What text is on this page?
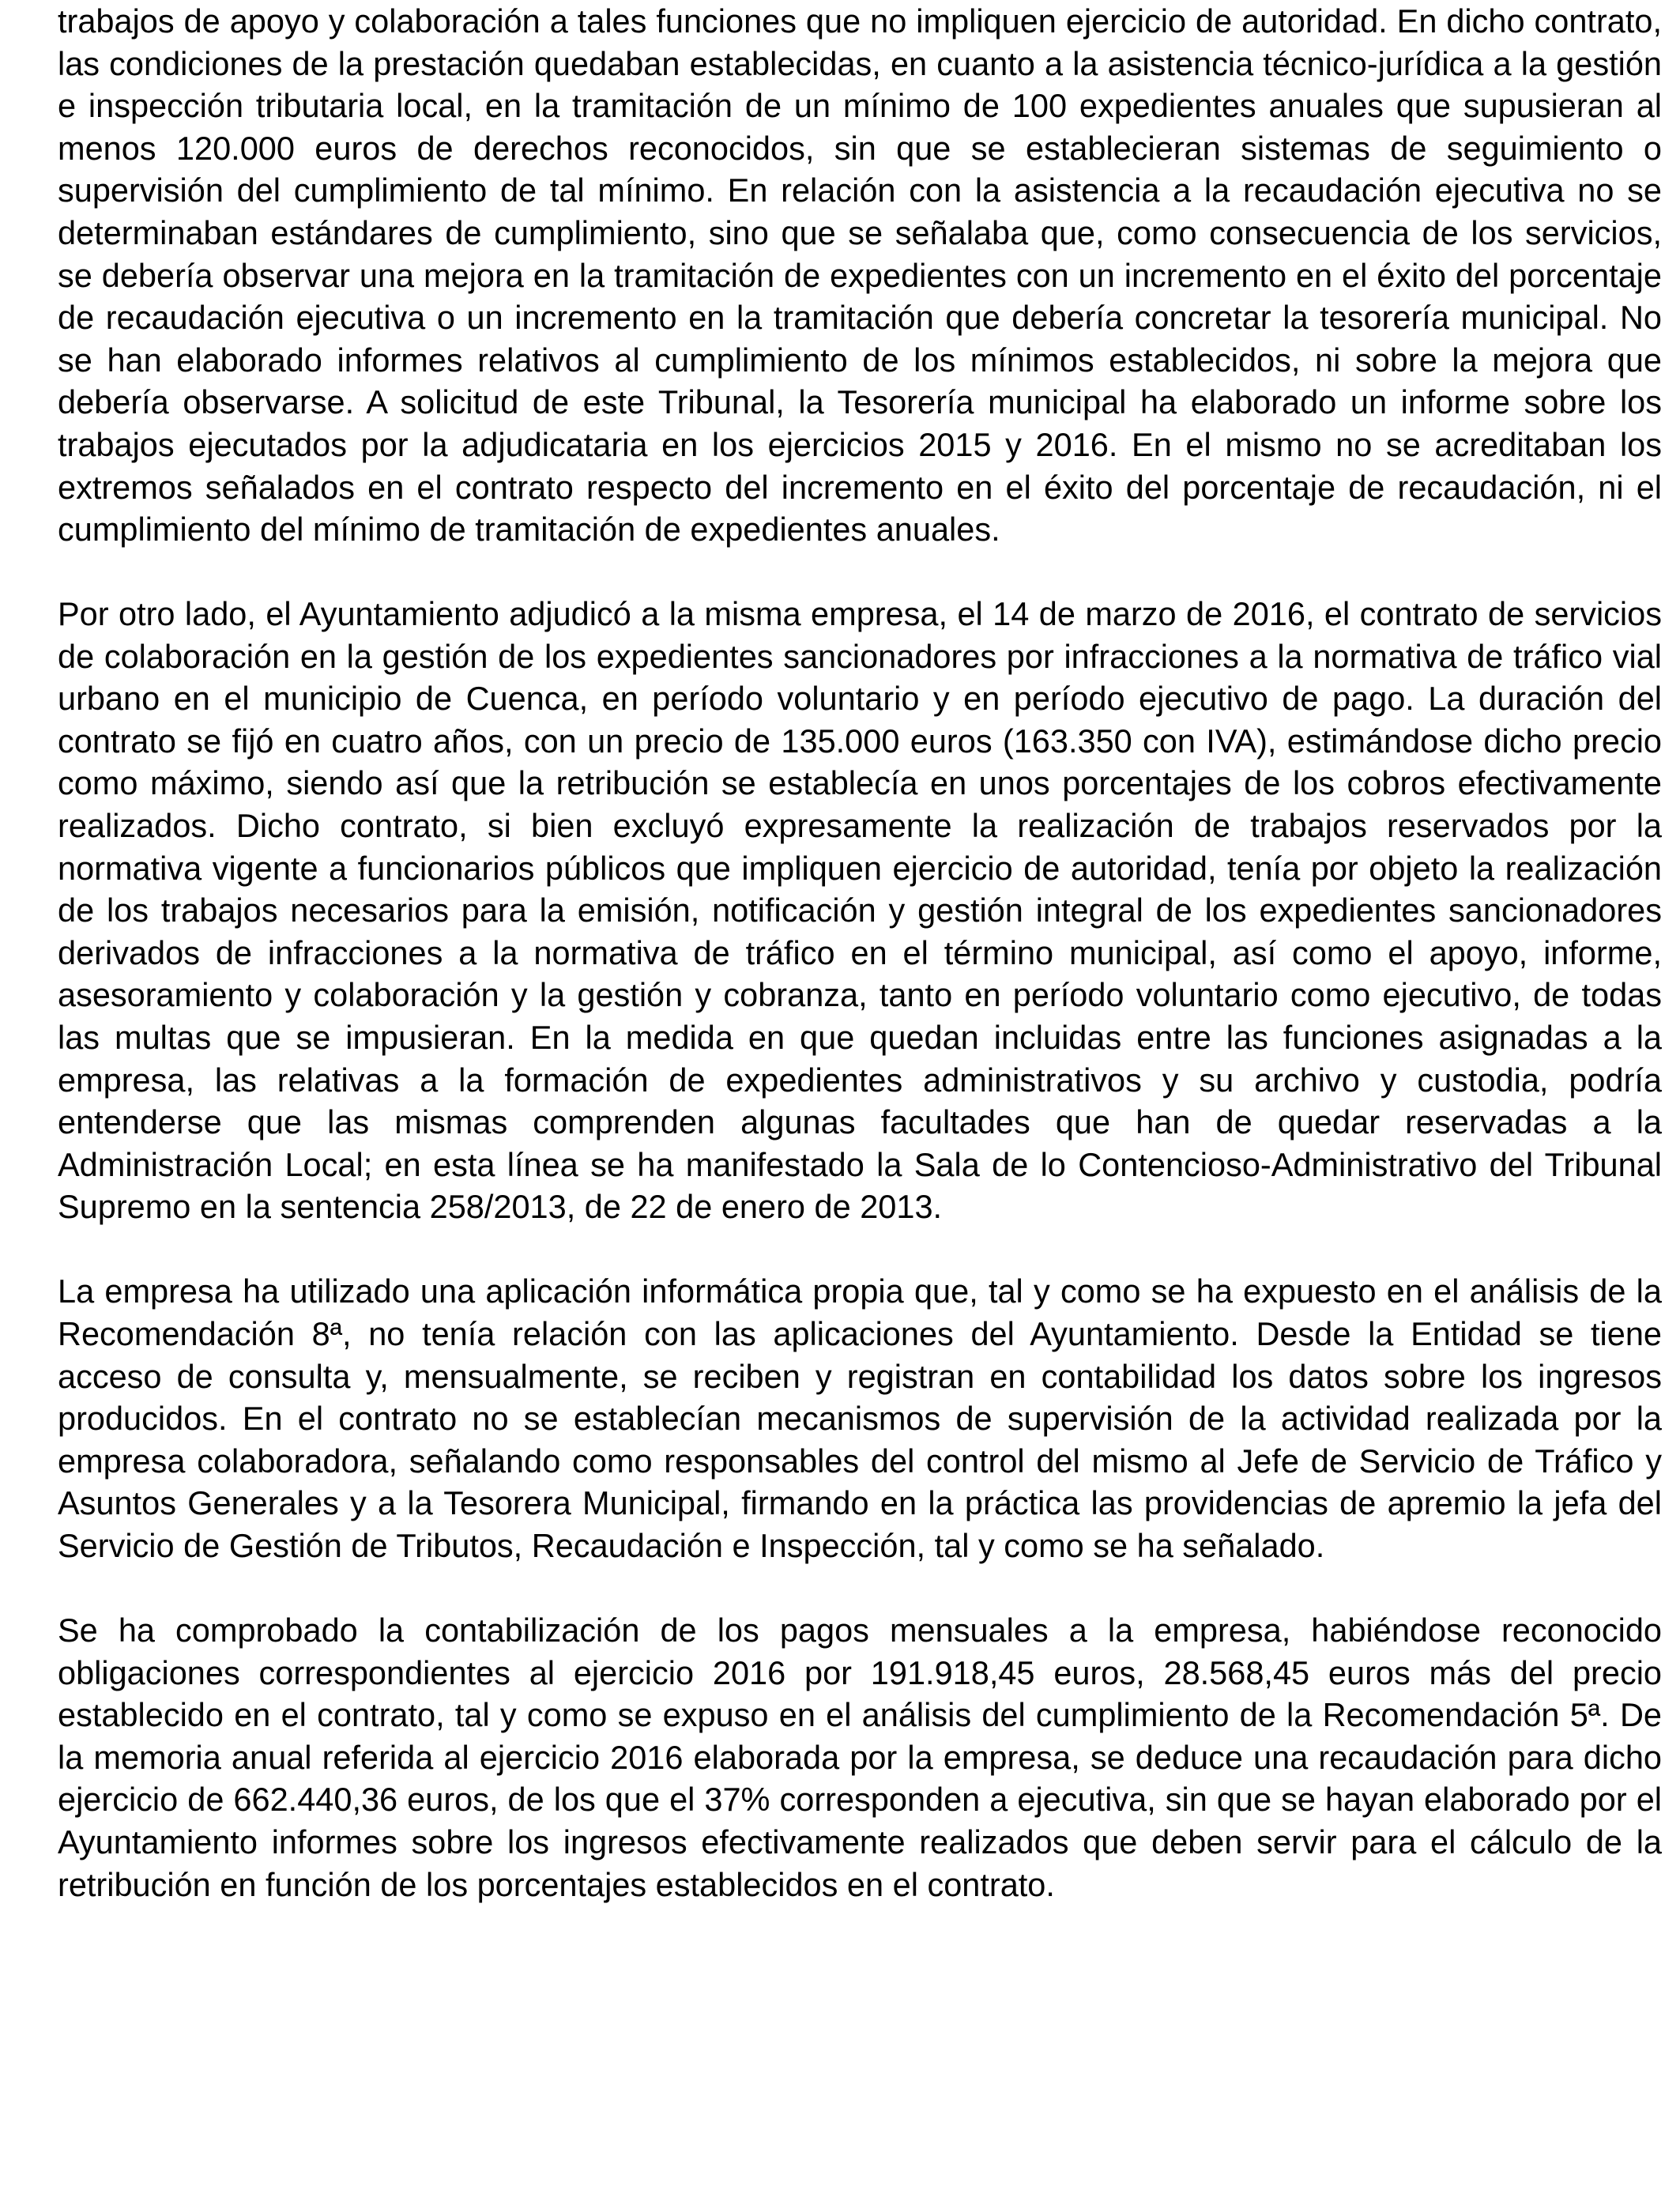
trabajos de apoyo y colaboración a tales funciones que no impliquen ejercicio de autoridad. En dicho contrato, las condiciones de la prestación quedaban establecidas, en cuanto a la asistencia técnico-jurídica a la gestión e inspección tributaria local, en la tramitación de un mínimo de 100 expedientes anuales que supusieran al menos 120.000 euros de derechos reconocidos, sin que se establecieran sistemas de seguimiento o supervisión del cumplimiento de tal mínimo. En relación con la asistencia a la recaudación ejecutiva no se determinaban estándares de cumplimiento, sino que se señalaba que, como consecuencia de los servicios, se debería observar una mejora en la tramitación de expedientes con un incremento en el éxito del porcentaje de recaudación ejecutiva o un incremento en la tramitación que debería concretar la tesorería municipal. No se han elaborado informes relativos al cumplimiento de los mínimos establecidos, ni sobre la mejora que debería observarse. A solicitud de este Tribunal, la Tesorería municipal ha elaborado un informe sobre los trabajos ejecutados por la adjudicataria en los ejercicios 2015 y 2016. En el mismo no se acreditaban los extremos señalados en el contrato respecto del incremento en el éxito del porcentaje de recaudación, ni el cumplimiento del mínimo de tramitación de expedientes anuales.

Por otro lado, el Ayuntamiento adjudicó a la misma empresa, el 14 de marzo de 2016, el contrato de servicios de colaboración en la gestión de los expedientes sancionadores por infracciones a la normativa de tráfico vial urbano en el municipio de Cuenca, en período voluntario y en período ejecutivo de pago. La duración del contrato se fijó en cuatro años, con un precio de 135.000 euros (163.350 con IVA), estimándose dicho precio como máximo, siendo así que la retribución se establecía en unos porcentajes de los cobros efectivamente realizados. Dicho contrato, si bien excluyó expresamente la realización de trabajos reservados por la normativa vigente a funcionarios públicos que impliquen ejercicio de autoridad, tenía por objeto la realización de los trabajos necesarios para la emisión, notificación y gestión integral de los expedientes sancionadores derivados de infracciones a la normativa de tráfico en el término municipal, así como el apoyo, informe, asesoramiento y colaboración y la gestión y cobranza, tanto en período voluntario como ejecutivo, de todas las multas que se impusieran. En la medida en que quedan incluidas entre las funciones asignadas a la empresa, las relativas a la formación de expedientes administrativos y su archivo y custodia, podría entenderse que las mismas comprenden algunas facultades que han de quedar reservadas a la Administración Local; en esta línea se ha manifestado la Sala de lo Contencioso-Administrativo del Tribunal Supremo en la sentencia 258/2013, de 22 de enero de 2013.

La empresa ha utilizado una aplicación informática propia que, tal y como se ha expuesto en el análisis de la Recomendación 8ª, no tenía relación con las aplicaciones del Ayuntamiento. Desde la Entidad se tiene acceso de consulta y, mensualmente, se reciben y registran en contabilidad los datos sobre los ingresos producidos. En el contrato no se establecían mecanismos de supervisión de la actividad realizada por la empresa colaboradora, señalando como responsables del control del mismo al Jefe de Servicio de Tráfico y Asuntos Generales y a la Tesorera Municipal, firmando en la práctica las providencias de apremio la jefa del Servicio de Gestión de Tributos, Recaudación e Inspección, tal y como se ha señalado.

Se ha comprobado la contabilización de los pagos mensuales a la empresa, habiéndose reconocido obligaciones correspondientes al ejercicio 2016 por 191.918,45 euros, 28.568,45 euros más del precio establecido en el contrato, tal y como se expuso en el análisis del cumplimiento de la Recomendación 5ª. De la memoria anual referida al ejercicio 2016 elaborada por la empresa, se deduce una recaudación para dicho ejercicio de 662.440,36 euros, de los que el 37% corresponden a ejecutiva, sin que se hayan elaborado por el Ayuntamiento informes sobre los ingresos efectivamente realizados que deben servir para el cálculo de la retribución en función de los porcentajes establecidos en el contrato.
